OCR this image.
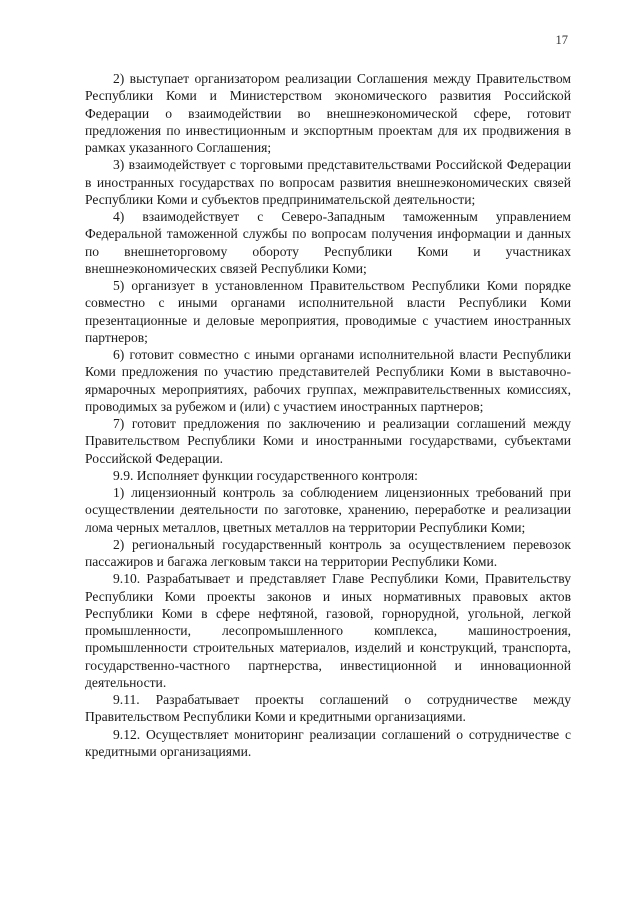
17

2) выступает организатором реализации Соглашения между Правительством Республики Коми и Министерством экономического развития Российской Федерации о взаимодействии во внешнеэкономической сфере, готовит предложения по инвестиционным и экспортным проектам для их продвижения в рамках указанного Соглашения;

3) взаимодействует с торговыми представительствами Российской Федерации в иностранных государствах по вопросам развития внешнеэкономических связей Республики Коми и субъектов предпринимательской деятельности;

4) взаимодействует с Северо-Западным таможенным управлением Федеральной таможенной службы по вопросам получения информации и данных по внешнеторговому обороту Республики Коми и участниках внешнеэкономических связей Республики Коми;

5) организует в установленном Правительством Республики Коми порядке совместно с иными органами исполнительной власти Республики Коми презентационные и деловые мероприятия, проводимые с участием иностранных партнеров;

6) готовит совместно с иными органами исполнительной власти Республики Коми предложения по участию представителей Республики Коми в выставочно-ярмарочных мероприятиях, рабочих группах, межправительственных комиссиях, проводимых за рубежом и (или) с участием иностранных партнеров;

7) готовит предложения по заключению и реализации соглашений между Правительством Республики Коми и иностранными государствами, субъектами Российской Федерации.

9.9. Исполняет функции государственного контроля:

1) лицензионный контроль за соблюдением лицензионных требований при осуществлении деятельности по заготовке, хранению, переработке и реализации лома черных металлов, цветных металлов на территории Республики Коми;

2) региональный государственный контроль за осуществлением перевозок пассажиров и багажа легковым такси на территории Республики Коми.

9.10. Разрабатывает и представляет Главе Республики Коми, Правительству Республики Коми проекты законов и иных нормативных правовых актов Республики Коми в сфере нефтяной, газовой, горнорудной, угольной, легкой промышленности, лесопромышленного комплекса, машиностроения, промышленности строительных материалов, изделий и конструкций, транспорта, государственно-частного партнерства, инвестиционной и инновационной деятельности.

9.11. Разрабатывает проекты соглашений о сотрудничестве между Правительством Республики Коми и кредитными организациями.

9.12. Осуществляет мониторинг реализации соглашений о сотрудничестве с кредитными организациями.
